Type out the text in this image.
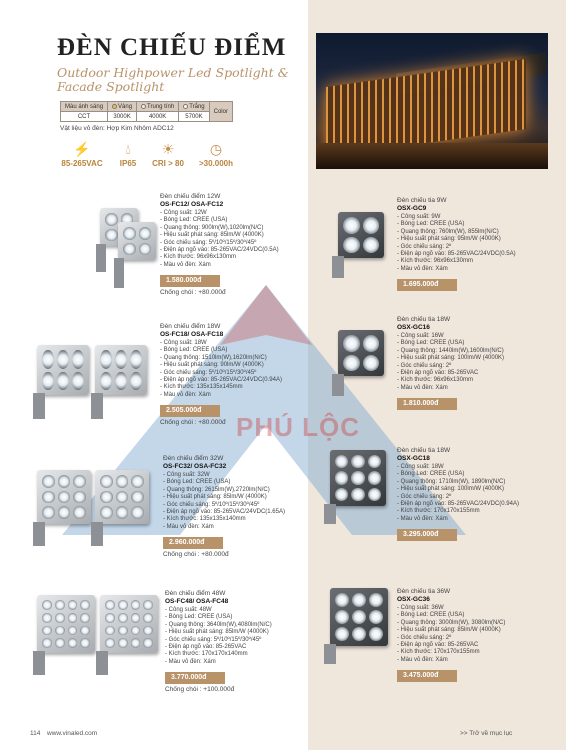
ĐÈN CHIẾU ĐIỂM
Outdoor Highpower Led Spotlight & Facade Spotlight
Màu ánh sáng	Vàng	Trung tính	Trắng	Color
CCT	3000K	4000K	5700K	
Vật liệu vỏ đèn: Hợp Kim Nhôm ADC12
⚡
85-265VAC
💧︎
IP65
☀
CRI > 80
◷
>30.000h
PHÚ LỘC
Đèn chiếu điểm 12W
OS-FC12/ OSA-FC12
- Công suất: 12W
- Bóng Led: CREE (USA)
- Quang thông: 900lm(W),1020lm(N/C)
- Hiệu suất phát sáng: 85lm/W (4000K)
- Góc chiếu sáng: 5º/10º/15º/30º/45º
- Điện áp ngõ vào: 85-265VAC/24VDC(0.5A)
- Kích thước: 96x96x130mm
- Màu vỏ đèn: Xám
1.580.000đ
Chống chói : +80.000đ
Đèn chiếu điểm 18W
OS-FC18/ OSA-FC18
- Công suất: 18W
- Bóng Led: CREE (USA)
- Quang thông: 1510lm(W),1620lm(N/C)
- Hiệu suất phát sáng: 90lm/W (4000K)
- Góc chiếu sáng: 5º/10º/15º/30º/45º
- Điện áp ngõ vào: 85-265VAC/24VDC(0.94A)
- Kích thước: 135x135x145mm
- Màu vỏ đèn: Xám
2.505.000đ
Chống chói : +80.000đ
Đèn chiếu điểm 32W
OS-FC32/ OSA-FC32
- Công suất: 32W
- Bóng Led: CREE (USA)
- Quang thông: 2615lm(W),2720lm(N/C)
- Hiệu suất phát sáng: 85lm/W (4000K)
- Góc chiếu sáng: 5º/10º/15º/30º/45º
- Điện áp ngõ vào: 85-265VAC/24VDC(1.65A)
- Kích thước: 135x135x140mm
- Màu vỏ đèn: Xám
2.960.000đ
Chống chói : +80.000đ
Đèn chiếu điểm 48W
OS-FC48/ OSA-FC48
- Công suất: 48W
- Bóng Led: CREE (USA)
- Quang thông: 3640lm(W),4080lm(N/C)
- Hiệu suất phát sáng: 85lm/W (4000K)
- Góc chiếu sáng: 5º/10º/15º/30º/45º
- Điện áp ngõ vào: 85-265VAC
- Kích thước: 170x170x140mm
- Màu vỏ đèn: Xám
3.770.000đ
Chống chói : +100.000đ
Đèn chiếu tia 9W
OSX-GC9
- Công suất: 9W
- Bóng Led: CREE (USA)
- Quang thông: 760lm(W), 855lm(N/C)
- Hiệu suất phát sáng: 95lm/W (4000K)
- Góc chiếu sáng: 2º
- Điện áp ngõ vào: 85-265VAC/24VDC(0.5A)
- Kích thước: 96x96x130mm
- Màu vỏ đèn: Xám
1.695.000đ
Đèn chiếu tia 18W
OSX-GC16
- Công suất: 16W
- Bóng Led: CREE (USA)
- Quang thông: 1440lm(W),1600lm(N/C)
- Hiệu suất phát sáng: 100lm/W (4000K)
- Góc chiếu sáng: 2º
- Điện áp ngõ vào: 85-265VAC
- Kích thước: 96x96x130mm
- Màu vỏ đèn: Xám
1.810.000đ
Đèn chiếu tia 18W
OSX-GC18
- Công suất: 18W
- Bóng Led: CREE (USA)
- Quang thông: 1710lm(W), 1890lm(N/C)
- Hiệu suất phát sáng: 100lm/W (4000K)
- Góc chiếu sáng: 2º
- Điện áp ngõ vào: 85-265VAC/24VDC(0.94A)
- Kích thước: 170x170x155mm
- Màu vỏ đèn: Xám
3.295.000đ
Đèn chiếu tia 36W
OSX-GC36
- Công suất: 36W
- Bóng Led: CREE (USA)
- Quang thông: 3000lm(W), 3080lm(N/C)
- Hiệu suất phát sáng: 85lm/W (4000K)
- Góc chiếu sáng: 2º
- Điện áp ngõ vào: 85-265VAC
- Kích thước: 170x170x155mm
- Màu vỏ đèn: Xám
3.475.000đ
114 www.vinaled.com	>> Trở về mục lục
